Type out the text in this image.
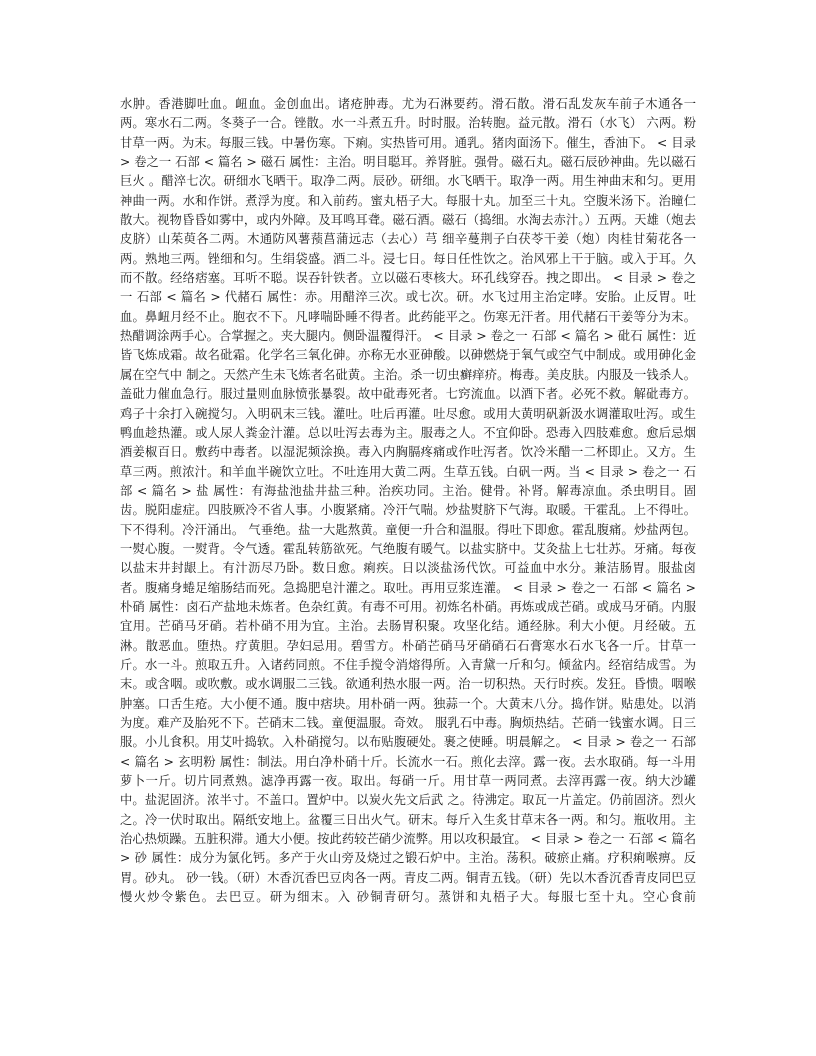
水肿。香港脚吐血。衄血。金创血出。诸疮肿毒。尤为石淋要药。滑石散。滑石乱发灰车前子木通各一两。寒水石二两。冬葵子一合。锉散。水一斗煮五升。时时服。治转胞。益元散。滑石（水飞） 六两。粉甘草一两。为末。每服三钱。中暑伤寒。下痢。实热皆可用。通乳。猪肉面汤下。催生，香油下。 < 目录 > 卷之一 石部 < 篇名 > 磁石 属性：主治。明目聪耳。养肾脏。强骨。磁石丸。磁石辰砂神曲。先以磁石巨火 。醋淬七次。研细水飞晒干。取净二两。辰砂。研细。水飞晒干。取净一两。用生神曲末和匀。更用神曲一两。水和作饼。煮浮为度。和入前药。蜜丸梧子大。每服十丸。加至三十丸。空腹米汤下。治瞳仁散大。视物昏昏如雾中，或内外障。及耳鸣耳聋。磁石酒。磁石（捣细。水淘去赤汁。）五两。天雄（炮去皮脐）山茱萸各二两。木通防风薯蓣菖蒲远志（去心）芎 细辛蔓荆子白茯苓干姜（炮）肉桂甘菊花各一两。熟地三两。锉细和匀。生绢袋盛。酒二斗。浸七日。每日任性饮之。治风邪上干于脑。或入于耳。久而不散。经络痞塞。耳听不聪。误吞针铁者。立以磁石枣核大。环孔线穿吞。拽之即出。 < 目录 > 卷之一 石部 < 篇名 > 代赭石 属性：赤。用醋淬三次。或七次。研。水飞过用主治定哮。安胎。止反胃。吐血。鼻衄月经不止。胞衣不下。凡哮喘卧睡不得者。此药能平之。伤寒无汗者。用代赭石干姜等分为末。热醋调涂两手心。合掌握之。夹大腿内。侧卧温覆得汗。 < 目录 > 卷之一 石部 < 篇名 > 砒石 属性：近皆飞炼成霜。故名砒霜。化学名三氧化砷。亦称无水亚砷酸。以砷燃烧于氧气或空气中制成。或用砷化金属在空气中 制之。天然产生未飞炼者名砒黄。主治。杀一切虫癣痒疥。梅毒。美皮肤。内服及一钱杀人。盖砒力催血急行。服过量则血脉愤张暴裂。故中砒毒死者。七窍流血。以酒下者。必死不救。解砒毒方。鸡子十余打入碗搅匀。入明矾末三钱。灌吐。吐后再灌。吐尽愈。或用大黄明矾新汲水调灌取吐泻。或生鸭血趁热灌。或人尿人粪金汁灌。总以吐泻去毒为主。服毒之人。不宜仰卧。恐毒入四肢难愈。愈后忌烟酒姜椒百日。敷药中毒者。以湿泥频涂换。毒入内胸膈疼痛或作吐泻者。饮冷米醋一二杯即止。又方。生草三两。煎浓汁。和羊血半碗饮立吐。不吐连用大黄二两。生草五钱。白矾一两。当 < 目录 > 卷之一 石部 < 篇名 > 盐 属性：有海盐池盐井盐三种。治疾功同。主治。健骨。补肾。解毒凉血。杀虫明目。固齿。脱阳虚症。四肢厥冷不省人事。小腹紧痛。冷汗气喘。炒盐熨脐下气海。取暖。干霍乱。上不得吐。下不得利。冷汗涌出。 气垂绝。盐一大匙熬黄。童便一升合和温服。得吐下即愈。霍乱腹痛。炒盐两包。一熨心腹。一熨背。令气透。霍乱转筋欲死。气绝腹有暖气。以盐实脐中。艾灸盐上七壮苏。牙痛。每夜以盐末井封龈上。有汁沥尽乃卧。数日愈。痢疾。日以淡盐汤代饮。可益血中水分。兼洁肠胃。服盐卤者。腹痛身蜷足缩肠结而死。急捣肥皂汁灌之。取吐。再用豆浆连灌。 < 目录 > 卷之一 石部 < 篇名 > 朴硝 属性：卤石产盐地未炼者。色杂红黄。有毒不可用。初炼名朴硝。再炼或成芒硝。或成马牙硝。内服宜用。芒硝马牙硝。若朴硝不用为宜。主治。去肠胃积聚。攻坚化结。通经脉。利大小便。月经破。五淋。散恶血。堕热。疗黄胆。孕妇忌用。碧雪方。朴硝芒硝马牙硝硝石石膏寒水石水飞各一斤。甘草一斤。水一斗。煎取五升。入诸药同煎。不住手搅令消熔得所。入青黛一斤和匀。倾盆内。经宿结成雪。为末。或含咽。或吹敷。或水调服二三钱。欲通利热水服一两。治一切积热。天行时疾。发狂。昏愦。咽喉肿塞。口舌生疮。大小便不通。腹中痞块。用朴硝一两。独蒜一个。大黄末八分。捣作饼。贴患处。以消为度。难产及胎死不下。芒硝末二钱。童便温服。奇效。 服乳石中毒。胸烦热结。芒硝一钱蜜水调。日三服。小儿食积。用艾叶捣软。入朴硝搅匀。以布贴腹硬处。裹之使睡。明晨解之。 < 目录 > 卷之一 石部 < 篇名 > 玄明粉 属性：制法。用白净朴硝十斤。长流水一石。煎化去滓。露一夜。去水取硝。每一斗用萝卜一斤。切片同煮熟。滤净再露一夜。取出。每硝一斤。用甘草一两同煮。去滓再露一夜。纳大沙罐中。盐泥固济。浓半寸。不盖口。置炉中。以炭火先文后武 之。待沸定。取瓦一片盖定。仍前固济。烈火 之。冷一伏时取出。隔纸安地上。盆覆三日出火气。研末。每斤入生炙甘草末各一两。和匀。瓶收用。主治心热烦躁。五脏积滞。通大小便。按此药较芒硝少流弊。用以攻积最宜。 < 目录 > 卷之一 石部 < 篇名 > 砂 属性：成分为氯化钙。多产于火山旁及烧过之锻石炉中。主治。荡积。破瘀止痛。疗积痢喉痹。反胃。砂丸。 砂一钱。（研）木香沉香巴豆肉各一两。青皮二两。铜青五钱。（研）先以木香沉香青皮同巴豆慢火炒令紫色。去巴豆。研为细末。入 砂铜青研匀。蒸饼和丸梧子大。每服七至十丸。空心食前
